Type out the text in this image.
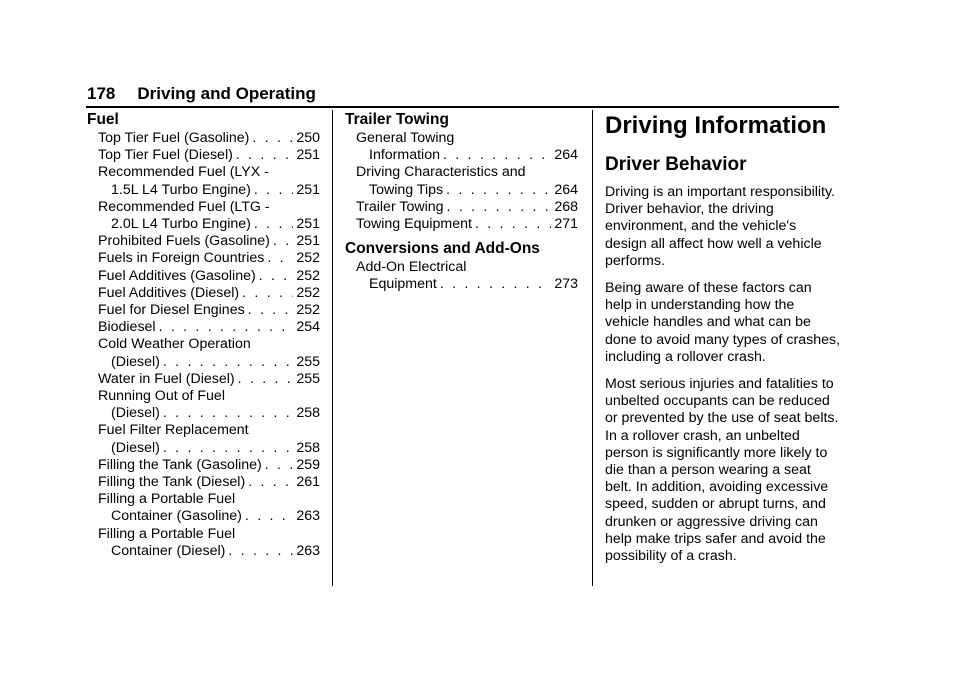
178 Driving and Operating
Fuel
Top Tier Fuel (Gasoline) . . .	250
Top Tier Fuel (Diesel) . . .	251
Recommended Fuel (LYX -
1.5L L4 Turbo Engine) . . .	251
Recommended Fuel (LTG -
2.0L L4 Turbo Engine) . . .	251
Prohibited Fuels (Gasoline) . . . 251
Fuels in Foreign Countries . . . 252
Fuel Additives (Gasoline) . . .	252
Fuel Additives (Diesel) . . .	252
Fuel for Diesel Engines . . .	252
Biodiesel . . .	254
Cold Weather Operation
(Diesel) . . .	255
Water in Fuel (Diesel) . . .	255
Running Out of Fuel
(Diesel) . . .	258
Fuel Filter Replacement
(Diesel) . . .	258
Filling the Tank (Gasoline) . . . 259
Filling the Tank (Diesel) . . .	261
Filling a Portable Fuel
Container (Gasoline) . . .	263
Filling a Portable Fuel
Container (Diesel) . . .	263
Trailer Towing
General Towing
Information . . .	264
Driving Characteristics and
Towing Tips . . .	264
Trailer Towing . . .	268
Towing Equipment . . .	271
Conversions and Add-Ons
Add-On Electrical
Equipment . . .	273
Driving Information
Driver Behavior

Driving is an important responsibility. Driver behavior, the driving environment, and the vehicle's design all affect how well a vehicle performs.

Being aware of these factors can help in understanding how the vehicle handles and what can be done to avoid many types of crashes, including a rollover crash.

Most serious injuries and fatalities to unbelted occupants can be reduced or prevented by the use of seat belts. In a rollover crash, an unbelted person is significantly more likely to die than a person wearing a seat belt. In addition, avoiding excessive speed, sudden or abrupt turns, and drunken or aggressive driving can help make trips safer and avoid the possibility of a crash.
